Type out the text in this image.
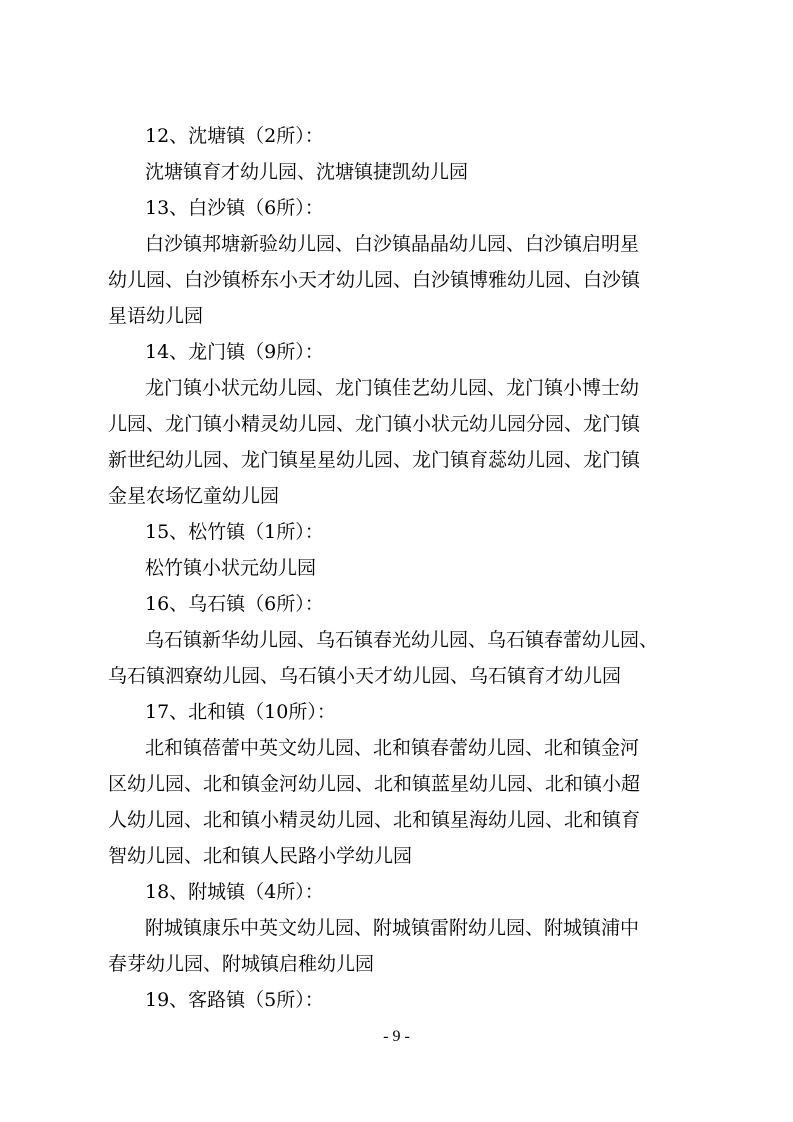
12、沈塘镇（2所）：
沈塘镇育才幼儿园、沈塘镇捷凯幼儿园
13、白沙镇（6所）：
白沙镇邦塘新验幼儿园、白沙镇晶晶幼儿园、白沙镇启明星
幼儿园、白沙镇桥东小天才幼儿园、白沙镇博雅幼儿园、白沙镇
星语幼儿园
14、龙门镇（9所）：
龙门镇小状元幼儿园、龙门镇佳艺幼儿园、龙门镇小博士幼
儿园、龙门镇小精灵幼儿园、龙门镇小状元幼儿园分园、龙门镇
新世纪幼儿园、龙门镇星星幼儿园、龙门镇育蕊幼儿园、龙门镇
金星农场忆童幼儿园
15、松竹镇（1所）：
松竹镇小状元幼儿园
16、乌石镇（6所）：
乌石镇新华幼儿园、乌石镇春光幼儿园、乌石镇春蕾幼儿园、
乌石镇泗寮幼儿园、乌石镇小天才幼儿园、乌石镇育才幼儿园
17、北和镇（10所）：
北和镇蓓蕾中英文幼儿园、北和镇春蕾幼儿园、北和镇金河
区幼儿园、北和镇金河幼儿园、北和镇蓝星幼儿园、北和镇小超
人幼儿园、北和镇小精灵幼儿园、北和镇星海幼儿园、北和镇育
智幼儿园、北和镇人民路小学幼儿园
18、附城镇（4所）：
附城镇康乐中英文幼儿园、附城镇雷附幼儿园、附城镇浦中
春芽幼儿园、附城镇启稚幼儿园
19、客路镇（5所）：
- 9 -
